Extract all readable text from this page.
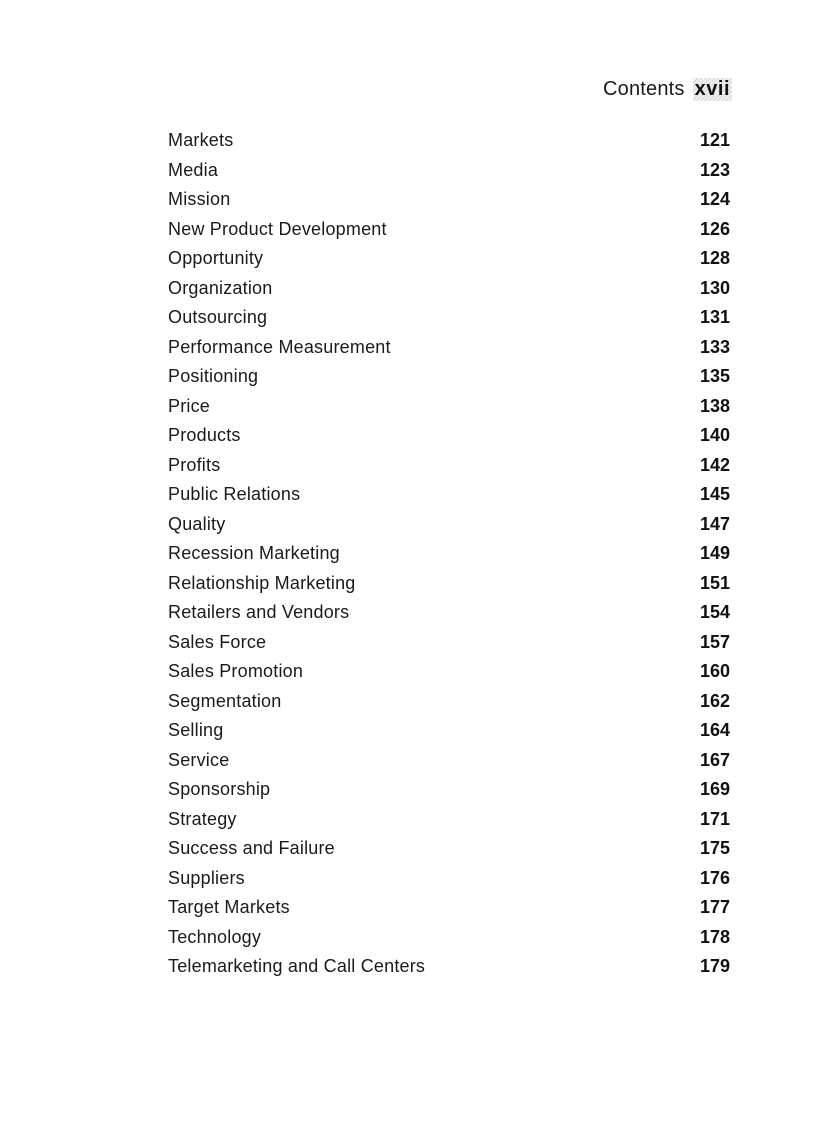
Contents xvii
Markets	121
Media	123
Mission	124
New Product Development	126
Opportunity	128
Organization	130
Outsourcing	131
Performance Measurement	133
Positioning	135
Price	138
Products	140
Profits	142
Public Relations	145
Quality	147
Recession Marketing	149
Relationship Marketing	151
Retailers and Vendors	154
Sales Force	157
Sales Promotion	160
Segmentation	162
Selling	164
Service	167
Sponsorship	169
Strategy	171
Success and Failure	175
Suppliers	176
Target Markets	177
Technology	178
Telemarketing and Call Centers	179
